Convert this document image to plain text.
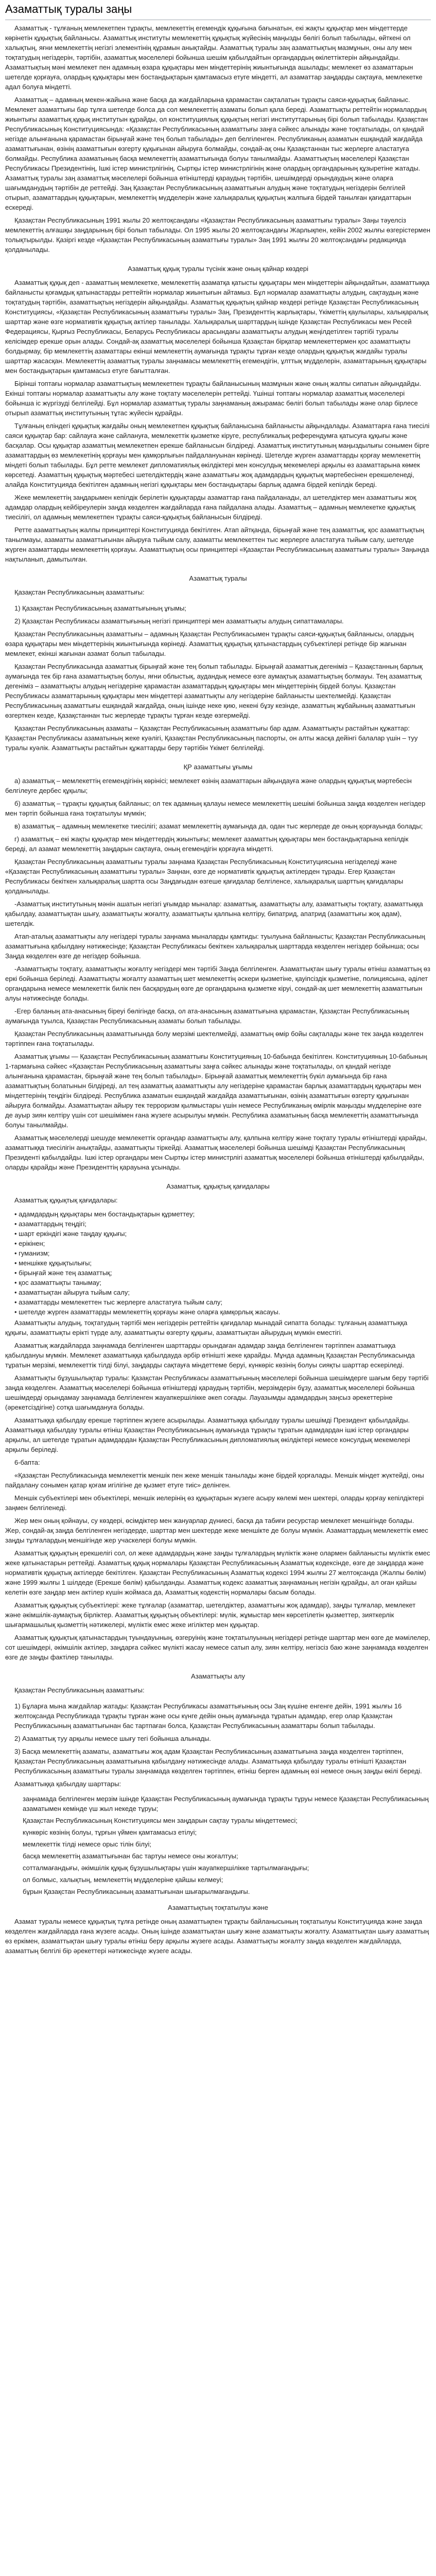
Азаматтық туралы заңы

Азаматтық - тұлғаның мемлекетпен тұрақты, мемлекеттің егемендік құқығына бағынатын, екі жақты құқықтар мен міндеттерде көрінетін құқықтық байланысы. Азаматтық институты мемлекеттің құқықтық жүйесінің маңызды бөлігі болып табылады, өйткені ол халықтың, яғни мемлекеттің негізгі элементінің құрамын анықтайды. Азаматтық туралы заң азаматтықтың мазмұнын, оны алу мен тоқтатудың негіздерін, тәртібін, азаматтық мәселелері бойынша шешім қабылдайтын органдардың өкілеттіктерін айқындайды. Азаматтықтың мәні мемлекет пен адамның өзара құқықтары мен міндеттерінің жиынтығында ашылады; мемлекет өз азаматтарын шетелде қорғауға, олардың құқықтары мен бостандықтарын қамтамасыз етуге міндетті, ал азаматтар заңдарды сақтауға, мемлекетке адал болуға міндетті.

Азаматтық – адамның мекен-жайына және басқа да жағдайларына қарамастан сақталатын тұрақты саяси-құқықтық байланыс. Мемлекет азаматтығы бар тұлға шетелде болса да сол мемлекеттің азаматы болып қала береді. Азаматтықты реттейтін нормалардың жиынтығы азаматтық құқық институтын құрайды, ол конституциялық құқықтың негізгі институттарының бірі болып табылады. Қазақстан Республикасының Конституциясында: «Қазақстан Республикасының азаматтығы заңға сәйкес алынады және тоқтатылады, ол қандай негізде алынғанына қарамастан бірыңғай және тең болып табылады» деп белгіленген. Республиканың азаматын ешқандай жағдайда азаматтығынан, өзінің азаматтығын өзгерту құқығынан айыруға болмайды, сондай-ақ оны Қазақстаннан тыс жерлерге аластатуға болмайды. Республика азаматының басқа мемлекеттің азаматтығында болуы танылмайды. Азаматтықтың мәселелері Қазақстан Республикасы Президентінің, Ішкі істер министрлігінің, Сыртқы істер министрлігінің және олардың органдарының құзыретіне жатады. Азаматтық туралы заң азаматтық мәселелері бойынша өтініштерді қараудың тәртібін, шешімдерді орындаудың және оларға шағымданудың тәртібін де реттейді. Заң Қазақстан Республикасының азаматтығын алудың және тоқтатудың негіздерін белгілей отырып, азаматтардың құқықтарын, мемлекеттің мүдделерін және халықаралық құқықтың жалпыға бірдей танылған қағидаттарын ескереді.

Қазақстан Республикасының 1991 жылы 20 желтоқсандағы «Қазақстан Республикасының азаматтығы туралы» Заңы тәуелсіз мемлекеттің алғашқы заңдарының бірі болып табылады. Ол 1995 жылы 20 желтоқсандағы Жарлықпен, кейін 2002 жылғы өзгерістермен толықтырылды. Қазіргі кезде «Қазақстан Республикасының азаматтығы туралы» Заң 1991 жылғы 20 желтоқсандағы редакцияда қолданылады.

Азаматтық құқық туралы түсінік және оның қайнар көздері

Азаматтық құқық деп - азаматтың мемлекетке, мемлекеттің азаматқа қатысты құқықтары мен міндеттерін айқындайтын, азаматтыққа байланысты қоғамдық қатынастарды реттейтін нормалар жиынтығын айтамыз. Бұл нормалар азаматтықты алудың, сақтаудың және тоқтатудың тәртібін, азаматтықтың негіздерін айқындайды. Азаматтық құқықтың қайнар көздері ретінде Қазақстан Республикасының Конституциясы, «Қазақстан Республикасының азаматтығы туралы» Заң, Президенттің жарлықтары, Үкіметтің қаулылары, халықаралық шарттар және өзге нормативтік құқықтық актілер танылады. Халықаралық шарттардың ішінде Қазақстан Республикасы мен Ресей Федерациясы, Қырғыз Республикасы, Беларусь Республикасы арасындағы азаматтықты алудың жеңілдетілген тәртібі туралы келісімдер ерекше орын алады. Сондай-ақ азаматтық мәселелері бойынша Қазақстан бірқатар мемлекеттермен қос азаматтықты болдырмау, бір мемлекеттің азаматтары екінші мемлекеттің аумағында тұрақты тұрған кезде олардың құқықтық жағдайы туралы шарттар жасасқан. Мемлекеттің азаматтық туралы заңнамасы мемлекеттің егемендігін, ұлттық мүдделерін, азаматтарының құқықтары мен бостандықтарын қамтамасыз етуге бағытталған.

Бірінші топтағы нормалар азаматтықтың мемлекетпен тұрақты байланысының мазмұнын және оның жалпы сипатын айқындайды. Екінші топтағы нормалар азаматтықты алу және тоқтату мәселелерін реттейді. Үшінші топтағы нормалар азаматтық мәселелері бойынша іс жүргізуді белгілейді. Бұл нормалар азаматтық туралы заңнаманың ажырамас бөлігі болып табылады және олар бірлесе отырып азаматтық институтының тұтас жүйесін құрайды.

Тұлғаның еліндегі құқықтық жағдайы оның мемлекетпен құқықтық байланысына байланысты айқындалады. Азаматтарға ғана тиесілі саяси құқықтар бар: сайлауға және сайлануға, мемлекеттік қызметке кіруге, республикалық референдумға қатысуға құқығы және басқалар. Осы құқықтар азаматтың мемлекетпен ерекше байланысын білдіреді. Азаматтық институтының маңыздылығы сонымен бірге азаматтардың өз мемлекетінің қорғауы мен қамқорлығын пайдалануынан көрінеді. Шетелде жүрген азаматтарды қорғау мемлекеттің міндеті болып табылады. Бұл ретте мемлекет дипломатиялық өкілдіктері мен консулдық мекемелері арқылы өз азаматтарына көмек көрсетеді. Азаматтың құқықтық мәртебесі шетелдіктердің және азаматтығы жоқ адамдардың құқықтық мәртебесінен ерекшеленеді, алайда Конституцияда бекітілген адамның негізгі құқықтары мен бостандықтары барлық адамға бірдей кепілдік береді.

Жеке мемлекеттің заңдарымен кепілдік берілетін құқықтарды азаматтар ғана пайдаланады, ал шетелдіктер мен азаматтығы жоқ адамдар олардың кейбіреулерін заңда көзделген жағдайларда ғана пайдалана алады. Азаматтық – адамның мемлекетке құқықтық тиесілігі, ол адамның мемлекетпен тұрақты саяси-құқықтық байланысын білдіреді.

Ретте азаматтықтың жалпы принциптері Конституцияда бекітілген. Атап айтқанда, бірыңғай және тең азаматтық, қос азаматтықтың танылмауы, азаматты азаматтығынан айыруға тыйым салу, азаматты мемлекеттен тыс жерлерге аластатуға тыйым салу, шетелде жүрген азаматтарды мемлекеттің қорғауы. Азаматтықтың осы принциптері «Қазақстан Республикасының азаматтығы туралы» Заңында нақтыланып, дамытылған.

Азаматтық туралы

Қазақстан Республикасының азаматтығы:

1) Қазақстан Республикасының азаматтығының ұғымы;
2) Қазақстан Республикасы азаматтығының негізгі принциптері мен азаматтықты алудың сипаттамалары.

Қазақстан Республикасының азаматтығы – адамның Қазақстан Республикасымен тұрақты саяси-құқықтық байланысы, олардың өзара құқықтары мен міндеттерінің жиынтығында көрінеді. Азаматтық құқықтық қатынастардың субъектілері ретінде бір жағынан мемлекет, екінші жағынан азамат болып табылады.

Қазақстан Республикасында азаматтық бірыңғай және тең болып табылады. Бірыңғай азаматтық дегеніміз – Қазақстанның барлық аумағында тек бір ғана азаматтықтың болуы, яғни облыстық, аудандық немесе өзге аумақтық азаматтықтың болмауы. Тең азаматтық дегеніміз – азаматтықты алудың негіздеріне қарамастан азаматтардың құқықтары мен міндеттерінің бірдей болуы. Қазақстан Республикасы азаматтарының құқықтары мен міндеттері азаматтықты алу негіздеріне байланысты шектелмейді. Қазақстан Республикасының азаматтығы ешқандай жағдайда, оның ішінде неке қию, некені бұзу кезінде, азаматтың жұбайының азаматтығын өзгерткен кезде, Қазақстаннан тыс жерлерде тұрақты тұрған кезде өзгермейді.

Қазақстан Республикасының азаматы – Қазақстан Республикасының азаматтығы бар адам. Азаматтықты растайтын құжаттар: Қазақстан Республикасы азаматының жеке куәлігі, Қазақстан Республикасының паспорты, он алты жасқа дейінгі балалар үшін – туу туралы куәлік. Азаматтықты растайтын құжаттарды беру тәртібін Үкімет белгілейді.

ҚР азаматтығы ұғымы

а) азаматтық – мемлекеттің егемендігінің көрінісі; мемлекет өзінің азаматтарын айқындауға және олардың құқықтық мәртебесін белгілеуге дербес құқылы;

б) азаматтық – тұрақты құқықтық байланыс; ол тек адамның қалауы немесе мемлекеттің шешімі бойынша заңда көзделген негіздер мен тәртіп бойынша ғана тоқтатылуы мүмкін;

в) азаматтық – адамның мемлекетке тиесілігі; азамат мемлекеттің аумағында да, одан тыс жерлерде де оның қорғауында болады;

г) азаматтық – екі жақты құқықтар мен міндеттердің жиынтығы; мемлекет азаматтың құқықтары мен бостандықтарына кепілдік береді, ал азамат мемлекеттің заңдарын сақтауға, оның егемендігін қорғауға міндетті.

Қазақстан Республикасының азаматтығы туралы заңнама Қазақстан Республикасының Конституциясына негізделеді және «Қазақстан Республикасының азаматтығы туралы» Заңнан, өзге де нормативтік құқықтық актілерден тұрады. Егер Қазақстан Республикасы бекіткен халықаралық шартта осы Заңдағыдан өзгеше қағидалар белгіленсе, халықаралық шарттың қағидалары қолданылады.

-Азаматтық институтының мәнін ашатын негізгі ұғымдар мыналар: азаматтық, азаматтықты алу, азаматтықты тоқтату, азаматтыққа қабылдау, азаматтықтан шығу, азаматтықты жоғалту, азаматтықты қалпына келтіру, бипатрид, апатрид (азаматтығы жоқ адам), шетелдік.

Атап-аталық азаматтықты алу негіздері туралы заңнама мыналарды қамтиды: туылуына байланысты; Қазақстан Республикасының азаматтығына қабылдану нәтижесінде; Қазақстан Республикасы бекіткен халықаралық шарттарда көзделген негіздер бойынша; осы Заңда көзделген өзге де негіздер бойынша.

-Азаматтықты тоқтату, азаматтықты жоғалту негіздері мен тәртібі Заңда белгіленген. Азаматтықтан шығу туралы өтініш азаматтың өз еркі бойынша беріледі. Азаматтықты жоғалту азаматтың шет мемлекеттің әскери қызметіне, қауіпсіздік қызметіне, полициясына, әділет органдарына немесе мемлекеттік билік пен басқарудың өзге де органдарына қызметке кіруі, сондай-ақ шет мемлекеттің азаматтығын алуы нәтижесінде болады.

-Егер баланың ата-анасының біреуі бөлігінде басқа, ол ата-анасының азаматтығына қарамастан, Қазақстан Республикасының аумағында туылса, Қазақстан Республикасының азаматы болып табылады.

Қазақстан Республикасының азаматтығында болу мерзімі шектелмейді, азаматтың өмір бойы сақталады және тек заңда көзделген тәртіппен ғана тоқтатылады.

Азаматтық ұғымы — Қазақстан Республикасының азаматтығы Конституцияның 10-бабында бекітілген. Конституцияның 10-бабының 1-тармағына сәйкес «Қазақстан Республикасының азаматтығы заңға сәйкес алынады және тоқтатылады, ол қандай негізде алынғанына қарамастан, бірыңғай және тең болып табылады». Бірыңғай азаматтық мемлекеттің бүкіл аумағында бір ғана азаматтықтың болатынын білдіреді, ал тең азаматтық азаматтықты алу негіздеріне қарамастан барлық азаматтардың құқықтары мен міндеттерінің теңдігін білдіреді. Республика азаматын ешқандай жағдайда азаматтығынан, өзінің азаматтығын өзгерту құқығынан айыруға болмайды. Азаматтықтан айыру тек терроризм қылмыстары үшін немесе Республиканың өмірлік маңызды мүдделеріне өзге де ауыр зиян келтіру үшін сот шешімімен ғана жүзеге асырылуы мүмкін. Республика азаматының басқа мемлекеттің азаматтығында болуы танылмайды.

Азаматтық мәселелерді шешуде мемлекеттік органдар азаматтықты алу, қалпына келтіру және тоқтату туралы өтініштерді қарайды, азаматтыққа тиесілігін анықтайды, азаматтықты тіркейді. Азаматтық мәселелері бойынша шешімді Қазақстан Республикасының Президенті қабылдайды. Ішкі істер органдары мен Сыртқы істер министрлігі азаматтық мәселелері бойынша өтініштерді қабылдайды, оларды қарайды және Президенттің қарауына ұсынады.

Азаматтық, құқықтық қағидалары

Азаматтық құқықтық қағидалары:

• адамдардың құқықтары мен бостандықтарын құрметтеу;
• азаматтардың теңдігі;
• шарт еркіндігі және таңдау құқығы;
• ерікінен;
• гуманизм;
• меншікке құқықтылығы;
• бірыңғай және тең азаматтық;
• қос азаматтықты танымау;
• азаматтықтан айыруға тыйым салу;
• азаматтарды мемлекеттен тыс жерлерге аластатуға тыйым салу;
• шетелде жүрген азаматтарды мемлекеттің қорғауы және оларға қамқорлық жасауы.

Азаматтықты алудың, тоқтатудың тәртібі мен негіздерін реттейтін қағидалар мынадай сипатта болады: тұлғаның азаматтыққа құқығы, азаматтықты ерікті түрде алу, азаматтықты өзгерту құқығы, азаматтықтан айырудың мүмкін еместігі.

Азаматтық жағдайларда заңнамада белгіленген шарттарды орындаған адамдар заңда белгіленген тәртіппен азаматтыққа қабылдануы мүмкін. Мемлекет азаматтыққа қабылдауда әрбір өтінішті жеке қарайды. Мұнда адамның Қазақстан Республикасында тұратын мерзімі, мемлекеттік тілді білуі, заңдарды сақтауға міндеттеме беруі, күнкөріс көзінің болуы сияқты шарттар ескеріледі.

Азаматтықты бұзушылықтар туралы: Қазақстан Республикасы азаматтығының мәселелері бойынша шешімдерге шағым беру тәртібі заңда көзделген. Азаматтық мәселелері бойынша өтініштерді қараудың тәртібін, мерзімдерін бұзу, азаматтық мәселелері бойынша шешімдерді орындамау заңнамада белгіленген жауапкершілікке әкеп соғады. Лауазымды адамдардың заңсыз әрекеттеріне (әрекетсіздігіне) сотқа шағымдануға болады.

Азаматтыққа қабылдау ерекше тәртіппен жүзеге асырылады. Азаматтыққа қабылдау туралы шешімді Президент қабылдайды. Азаматтыққа қабылдау туралы өтініш Қазақстан Республикасының аумағында тұрақты тұратын адамдардан ішкі істер органдары арқылы, ал шетелде тұратын адамдардан Қазақстан Республикасының дипломатиялық өкілдіктері немесе консулдық мекемелері арқылы беріледі.

6-бапта:

«Қазақстан Республикасында мемлекеттік меншік пен жеке меншік танылады және бірдей қорғалады. Меншік міндет жүктейді, оны пайдалану сонымен қатар қоғам игілігіне де қызмет етуге тиіс» делінген.

Меншік субъектілері мен объектілері, меншік иелерінің өз құқықтарын жүзеге асыру көлемі мен шектері, оларды қорғау кепілдіктері заңмен белгіленеді.

Жер мен оның қойнауы, су көздері, өсімдіктер мен жануарлар дүниесі, басқа да табиғи ресурстар мемлекет меншігінде болады. Жер, сондай-ақ заңда белгіленген негіздерде, шарттар мен шектерде жеке меншікте де болуы мүмкін. Азаматтардың мемлекеттік емес заңды тұлғалардың меншігінде жер учаскелері болуы мүмкін.

Азаматтық құқықтың ерекшелігі сол, ол жеке адамдардың және заңды тұлғалардың мүліктік және олармен байланысты мүліктік емес жеке қатынастарын реттейді. Азаматтық құқық нормалары Қазақстан Республикасының Азаматтық кодексінде, өзге де заңдарда және нормативтік құқықтық актілерде бекітілген. Қазақстан Республикасының Азаматтық кодексі 1994 жылғы 27 желтоқсанда (Жалпы бөлім) және 1999 жылғы 1 шілдеде (Ерекше бөлім) қабылданды. Азаматтық кодекс азаматтық заңнаманың негізін құрайды, ал оған қайшы келетін өзге заңдар мен актілер күшін жоймаса да, Азаматтық кодекстің нормалары басым болады.

Азаматтық құқықтық субъектілері: жеке тұлғалар (азаматтар, шетелдіктер, азаматтығы жоқ адамдар), заңды тұлғалар, мемлекет және әкімшілік-аумақтық бірліктер. Азаматтық құқықтың объектілері: мүлік, жұмыстар мен көрсетілетін қызметтер, зияткерлік шығармашылық қызметтің нәтижелері, мүліктік емес жеке игіліктер мен құқықтар.

Азаматтық құқықтық қатынастардың туындауының, өзгеруінің және тоқтатылуының негіздері ретінде шарттар мен өзге де мәмілелер, сот шешімдері, әкімшілік актілер, заңдарға сәйкес мүлікті жасау немесе сатып алу, зиян келтіру, негізсіз баю және заңнамада көзделген өзге де заңды фактілер танылады.

Азаматтықты алу

Қазақстан Республикасының азаматтығы:

1) Бұларға мына жағдайлар жатады: Қазақстан Республикасы азаматтығының осы Заң күшіне енгенге дейін, 1991 жылғы 16 желтоқсанда Республикада тұрақты тұрған және осы күнге дейін оның аумағында тұратын адамдар, егер олар Қазақстан Республикасының азаматтығынан бас тартпаған болса, Қазақстан Республикасының азаматтары болып табылады.
2) Азаматтық туу арқылы немесе шығу тегі бойынша алынады.
3) Басқа мемлекеттің азаматы, азаматтығы жоқ адам Қазақстан Республикасының азаматтығына заңда көзделген тәртіппен, Қазақстан Республикасының азаматтығына қабылдану нәтижесінде алады. Азаматтыққа қабылдау туралы өтінішті Қазақстан Республикасының азаматтығы туралы заңнамада көзделген тәртіппен, өтініш берген адамның өзі немесе оның заңды өкілі береді.

Азаматтыққа қабылдау шарттары:

заңнамада белгіленген мерзім ішінде Қазақстан Республикасының аумағында тұрақты тұруы немесе Қазақстан Республикасының азаматымен кемінде үш жыл некеде тұруы;
Қазақстан Республикасының Конституциясы мен заңдарын сақтау туралы міндеттемесі;
күнкөріс көзінің болуы, тұрғын үймен қамтамасыз етілуі;
мемлекеттік тілді немесе орыс тілін білуі;
басқа мемлекеттің азаматтығынан бас тартуы немесе оны жоғалтуы;
сотталмағандығы, әкімшілік құқық бұзушылықтары үшін жауапкершілікке тартылмағандығы;
ол болмыс, халықтың, мемлекеттің мүдделеріне қайшы келмеуі;
бұрын Қазақстан Республикасының азаматтығынан шығарылмағандығы.
Азаматтықтың тоқтатылуы және

Азамат туралы немесе құқықтық тұлға ретінде оның азаматтықпен тұрақты байланысының тоқтатылуы Конституцияда және заңда көзделген жағдайларда ғана жүзеге асады. Оның ішінде азаматтықтан шығу және азаматтықты жоғалту. Азаматтықтан шығу азаматтың өз еркімен, азаматтықтан шығу туралы өтініш беру арқылы жүзеге асады. Азаматтықты жоғалту заңда көзделген жағдайларда, азаматтың белгілі бір әрекеттері нәтижесінде жүзеге асады.
